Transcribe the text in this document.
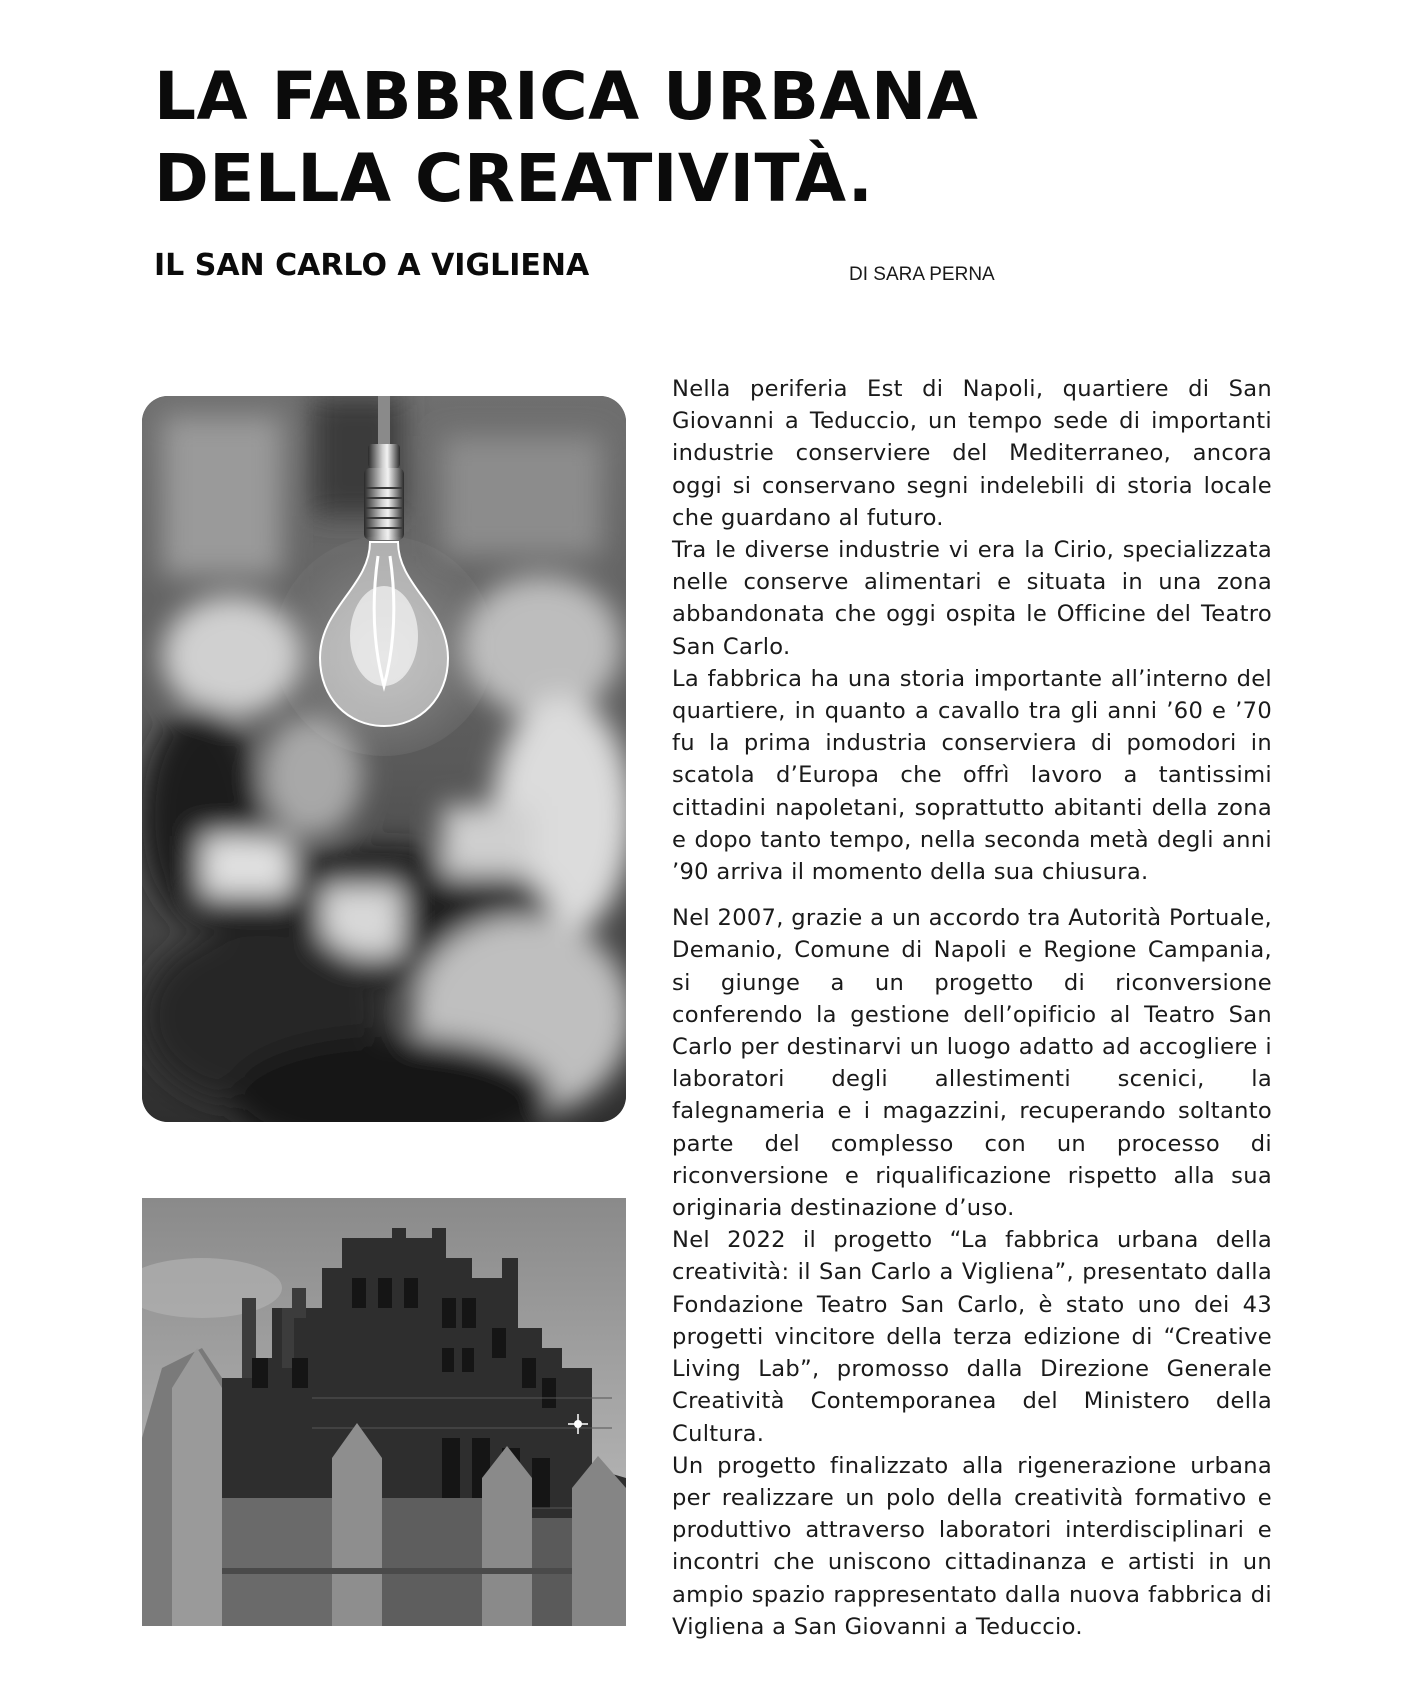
LA FABBRICA URBANA
DELLA CREATIVITÀ.
IL SAN CARLO A VIGLIENA	DI SARA PERNA

Nella periferia Est di Napoli, quartiere di San Giovanni a Teduccio, un tempo sede di importanti industrie conserviere del Mediterraneo, ancora oggi si conservano segni indelebili di storia locale che guardano al futuro.

Tra le diverse industrie vi era la Cirio, specializzata nelle conserve alimentari e situata in una zona abbandonata che oggi ospita le Officine del Teatro San Carlo.

La fabbrica ha una storia importante all’interno del quartiere, in quanto a cavallo tra gli anni ’60 e ’70 fu la prima industria conserviera di pomodori in scatola d’Europa che offrì lavoro a tantissimi cittadini napoletani, soprattutto abitanti della zona e dopo tanto tempo, nella seconda metà degli anni ’90 arriva il momento della sua chiusura.

Nel 2007, grazie a un accordo tra Autorità Portuale, Demanio, Comune di Napoli e Regione Campania, si giunge a un progetto di riconversione conferendo la gestione dell’opificio al Teatro San Carlo per destinarvi un luogo adatto ad accogliere i laboratori degli allestimenti scenici, la falegnameria e i magazzini, recuperando soltanto parte del complesso con un processo di riconversione e riqualificazione rispetto alla sua originaria destinazione d’uso.

Nel 2022 il progetto “La fabbrica urbana della creatività: il San Carlo a Vigliena”, presentato dalla Fondazione Teatro San Carlo, è stato uno dei 43 progetti vincitore della terza edizione di “Creative Living Lab”, promosso dalla Direzione Generale Creatività Contemporanea del Ministero della Cultura.

Un progetto finalizzato alla rigenerazione urbana per realizzare un polo della creatività formativo e produttivo attraverso laboratori interdisciplinari e incontri che uniscono cittadinanza e artisti in un ampio spazio rappresentato dalla nuova fabbrica di Vigliena a San Giovanni a Teduccio.
